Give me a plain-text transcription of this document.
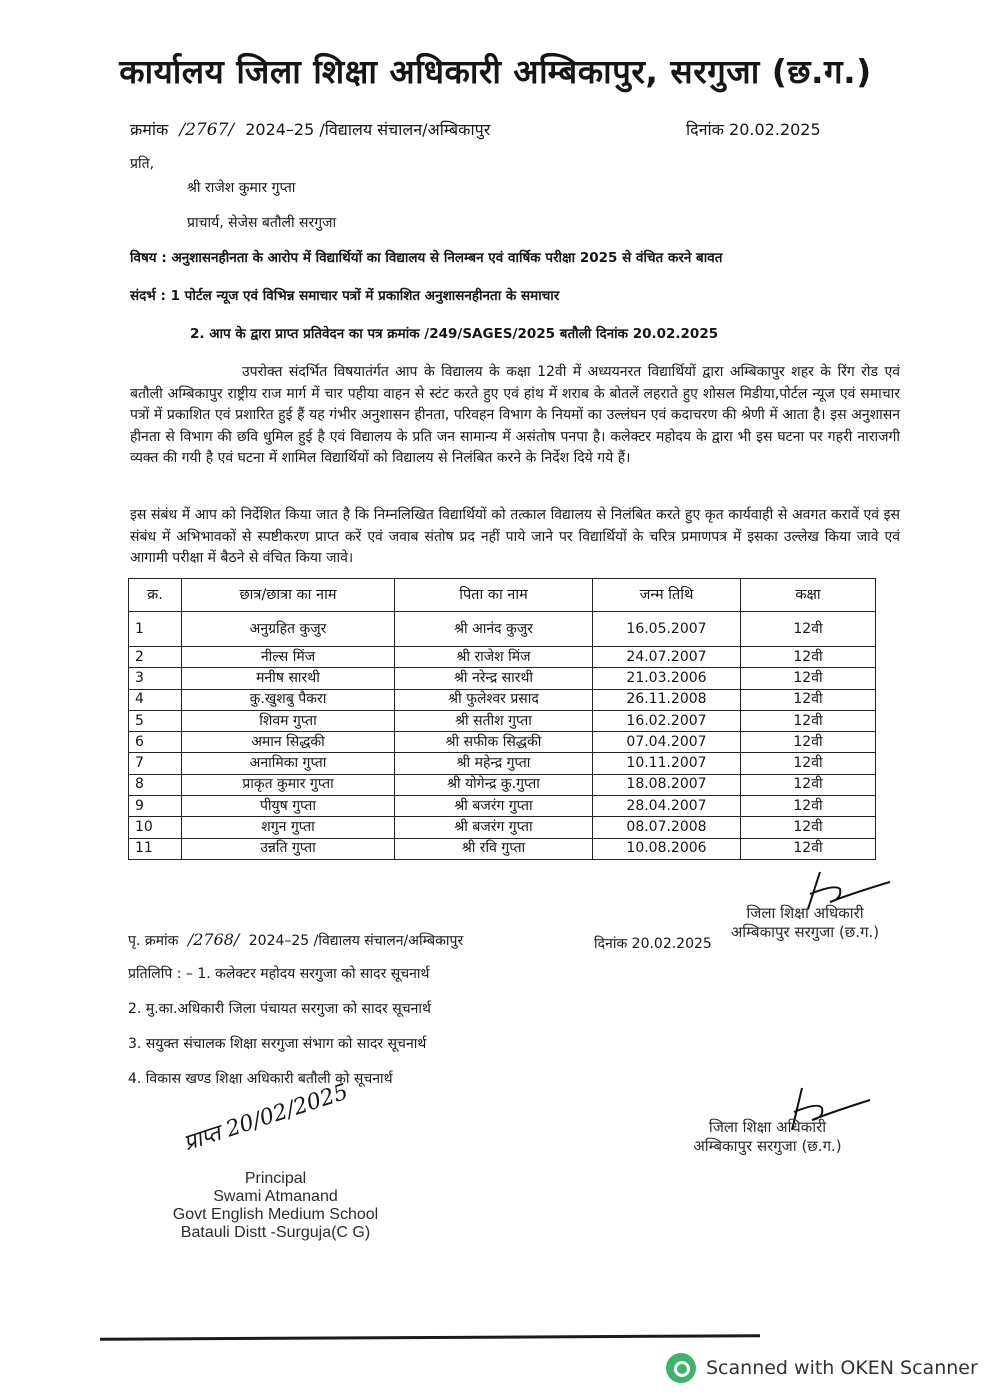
कार्यालय जिला शिक्षा अधिकारी अम्बिकापुर, सरगुजा (छ.ग.)
क्रमांक /2767/ 2024–25 /विद्यालय संचालन/अम्बिकापुर	दिनांक 20.02.2025
प्रति,
श्री राजेश कुमार गुप्ता
प्राचार्य, सेजेस बतौली सरगुजा
विषय : अनुशासनहीनता के आरोप में विद्यार्थियों का विद्यालय से निलम्बन एवं वार्षिक परीक्षा 2025 से वंचित करने बावत
संदर्भ : 1 पोर्टल न्यूज एवं विभिन्न समाचार पत्रों में प्रकाशित अनुशासनहीनता के समाचार
2. आप के द्वारा प्राप्त प्रतिवेदन का पत्र क्रमांक /249/SAGES/2025 बतौली दिनांक 20.02.2025
उपरोक्त संदर्भित विषयातंर्गत आप के विद्यालय के कक्षा 12वी में अध्ययनरत विद्यार्थियों द्वारा अम्बिकापुर शहर के रिंग रोड एवं बतौली अम्बिकापुर राष्ट्रीय राज मार्ग में चार पहीया वाहन से स्टंट करते हुए एवं हांथ में शराब के बोतलें लहराते हुए शोसल मिडीया,पोर्टल न्यूज एवं समाचार पत्रों में प्रकाशित एवं प्रशारित हुई हैं यह गंभीर अनुशासन हीनता, परिवहन विभाग के नियमों का उल्लंघन एवं कदाचरण की श्रेणी में आता है। इस अनुशासन हीनता से विभाग की छवि धुमिल हुई है एवं विद्यालय के प्रति जन सामान्य में असंतोष पनपा है। कलेक्टर महोदय के द्वारा भी इस घटना पर गहरी नाराजगी व्यक्त की गयी है एवं घटना में शामिल विद्यार्थियों को विद्यालय से निलंबित करने के निर्देश दिये गये हैं।
इस संबंध में आप को निर्देशित किया जात है कि निम्नलिखित विद्यार्थियों को तत्काल विद्यालय से निलंबित करते हुए कृत कार्यवाही से अवगत करावें एवं इस संबंध में अभिभावकों से स्पष्टीकरण प्राप्त करें एवं जवाब संतोष प्रद नहीं पाये जाने पर विद्यार्थियों के चरित्र प्रमाणपत्र में इसका उल्लेख किया जावे एवं आगामी परीक्षा में बैठने से वंचित किया जावे।
क्र.	छात्र/छात्रा का नाम	पिता का नाम	जन्म तिथि	कक्षा
1	अनुग्रहित कुजुर	श्री आनंद कुजुर	16.05.2007	12वी
2	नील्स मिंज	श्री राजेश मिंज	24.07.2007	12वी
3	मनीष सारथी	श्री नरेन्द्र सारथी	21.03.2006	12वी
4	कु.खुशबु पैकरा	श्री फुलेश्वर प्रसाद	26.11.2008	12वी
5	शिवम गुप्ता	श्री सतीश गुप्ता	16.02.2007	12वी
6	अमान सिद्धकी	श्री सफीक सिद्धकी	07.04.2007	12वी
7	अनामिका गुप्ता	श्री महेन्द्र गुप्ता	10.11.2007	12वी
8	प्राकृत कुमार गुप्ता	श्री योगेन्द्र कु.गुप्ता	18.08.2007	12वी
9	पीयुष गुप्ता	श्री बजरंग गुप्ता	28.04.2007	12वी
10	शगुन गुप्ता	श्री बजरंग गुप्ता	08.07.2008	12वी
11	उन्नति गुप्ता	श्री रवि गुप्ता	10.08.2006	12वी
जिला शिक्षा अधिकारी
अम्बिकापुर सरगुजा (छ.ग.)
पृ. क्रमांक /2768/ 2024–25 /विद्यालय संचालन/अम्बिकापुर	दिनांक 20.02.2025
प्रतिलिपि : – 1. कलेक्टर महोदय सरगुजा को सादर सूचनार्थ
2. मु.का.अधिकारी जिला पंचायत सरगुजा को सादर सूचनार्थ
3. सयुक्त संचालक शिक्षा सरगुजा संभाग को सादर सूचनार्थ
4. विकास खण्ड शिक्षा अधिकारी बतौली को सूचनार्थ
जिला शिक्षा अधिकारी
अम्बिकापुर सरगुजा (छ.ग.)
प्राप्त 20/02/2025
Principal
Swami Atmanand
Govt English Medium School
Batauli Distt -Surguja(C G)
Scanned with OKEN Scanner
